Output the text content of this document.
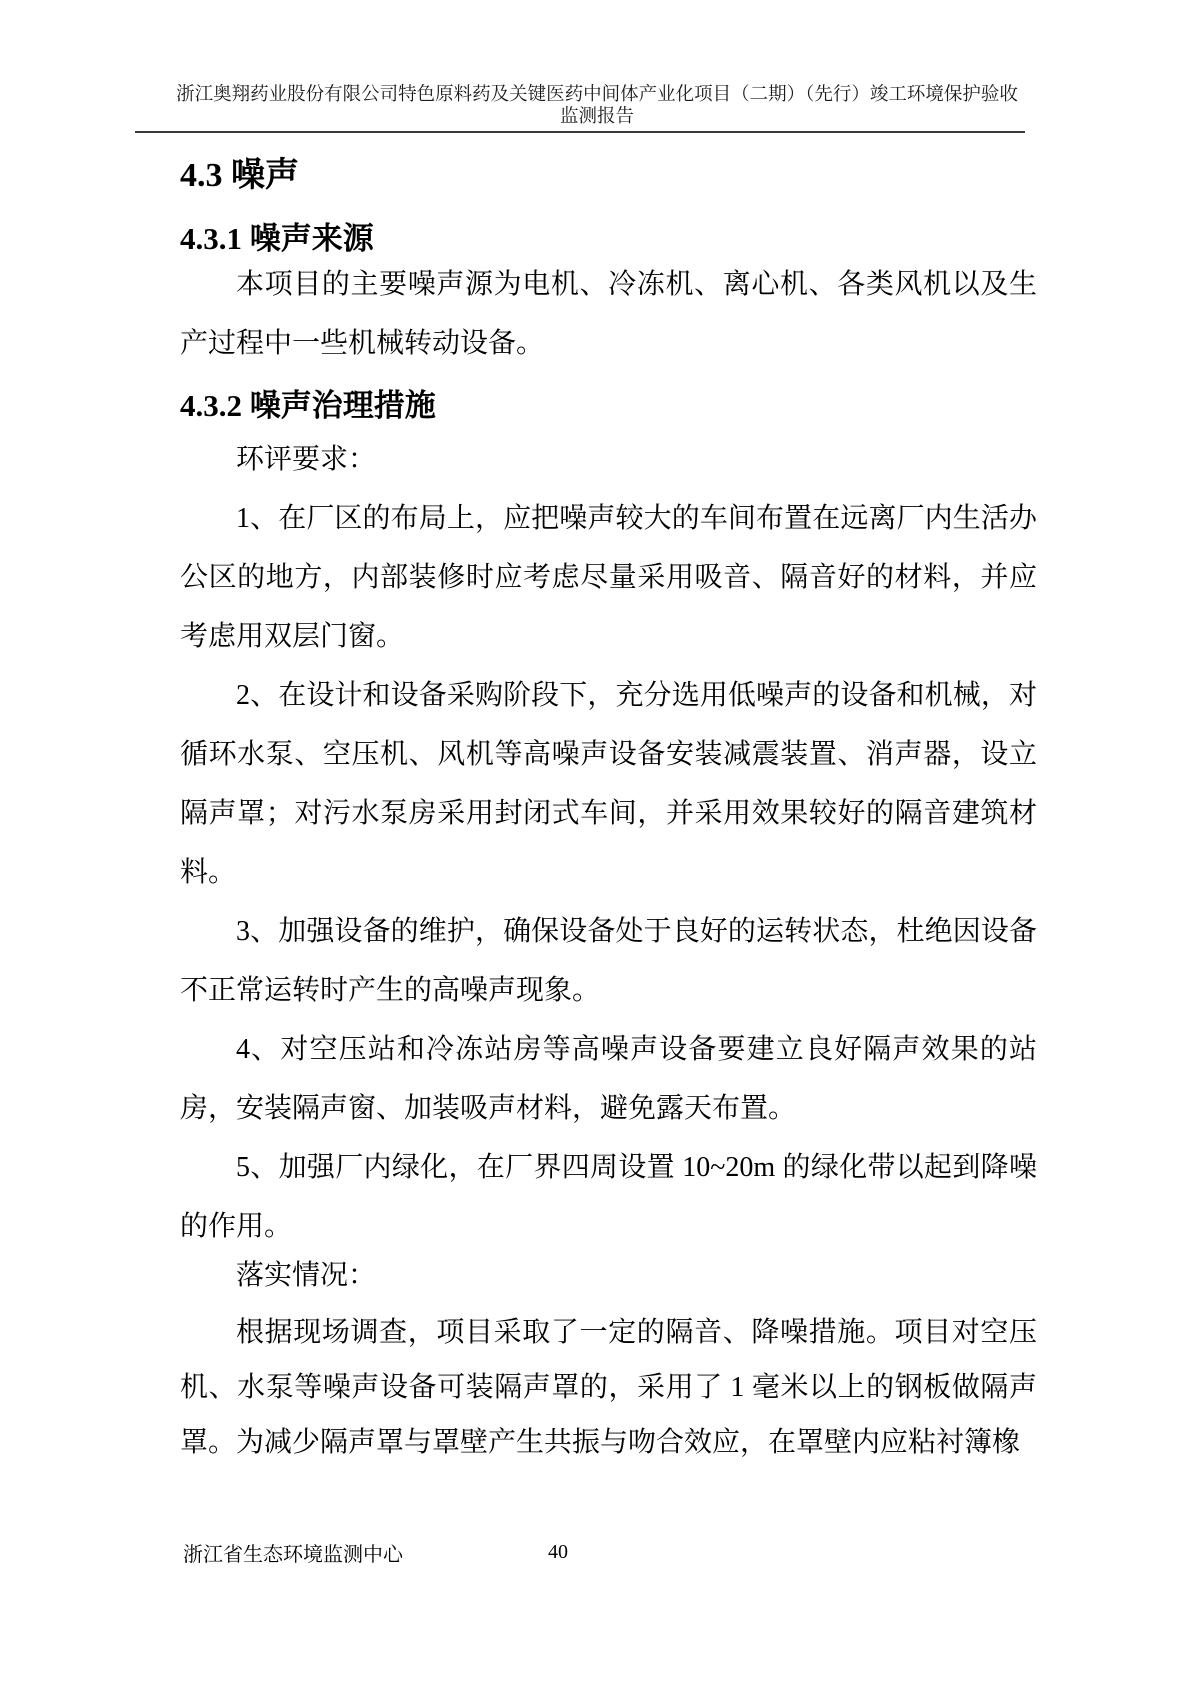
浙江奥翔药业股份有限公司特色原料药及关键医药中间体产业化项目（二期）（先行）竣工环境保护验收
监测报告
4.3 噪声
4.3.1 噪声来源

本项目的主要噪声源为电机、冷冻机、离心机、各类风机以及生产过程中一些机械转动设备。

4.3.2 噪声治理措施

环评要求：

1、在厂区的布局上，应把噪声较大的车间布置在远离厂内生活办公区的地方，内部装修时应考虑尽量采用吸音、隔音好的材料，并应考虑用双层门窗。

2、在设计和设备采购阶段下，充分选用低噪声的设备和机械，对循环水泵、空压机、风机等高噪声设备安装减震装置、消声器，设立隔声罩；对污水泵房采用封闭式车间，并采用效果较好的隔音建筑材料。

3、加强设备的维护，确保设备处于良好的运转状态，杜绝因设备不正常运转时产生的高噪声现象。

4、对空压站和冷冻站房等高噪声设备要建立良好隔声效果的站房，安装隔声窗、加装吸声材料，避免露天布置。

5、加强厂内绿化，在厂界四周设置 10~20m 的绿化带以起到降噪的作用。

落实情况：

根据现场调查，项目采取了一定的隔音、降噪措施。项目对空压机、水泵等噪声设备可装隔声罩的，采用了 1 毫米以上的钢板做隔声罩。为减少隔声罩与罩壁产生共振与吻合效应，在罩壁内应粘衬簿橡

浙江省生态环境监测中心	40
